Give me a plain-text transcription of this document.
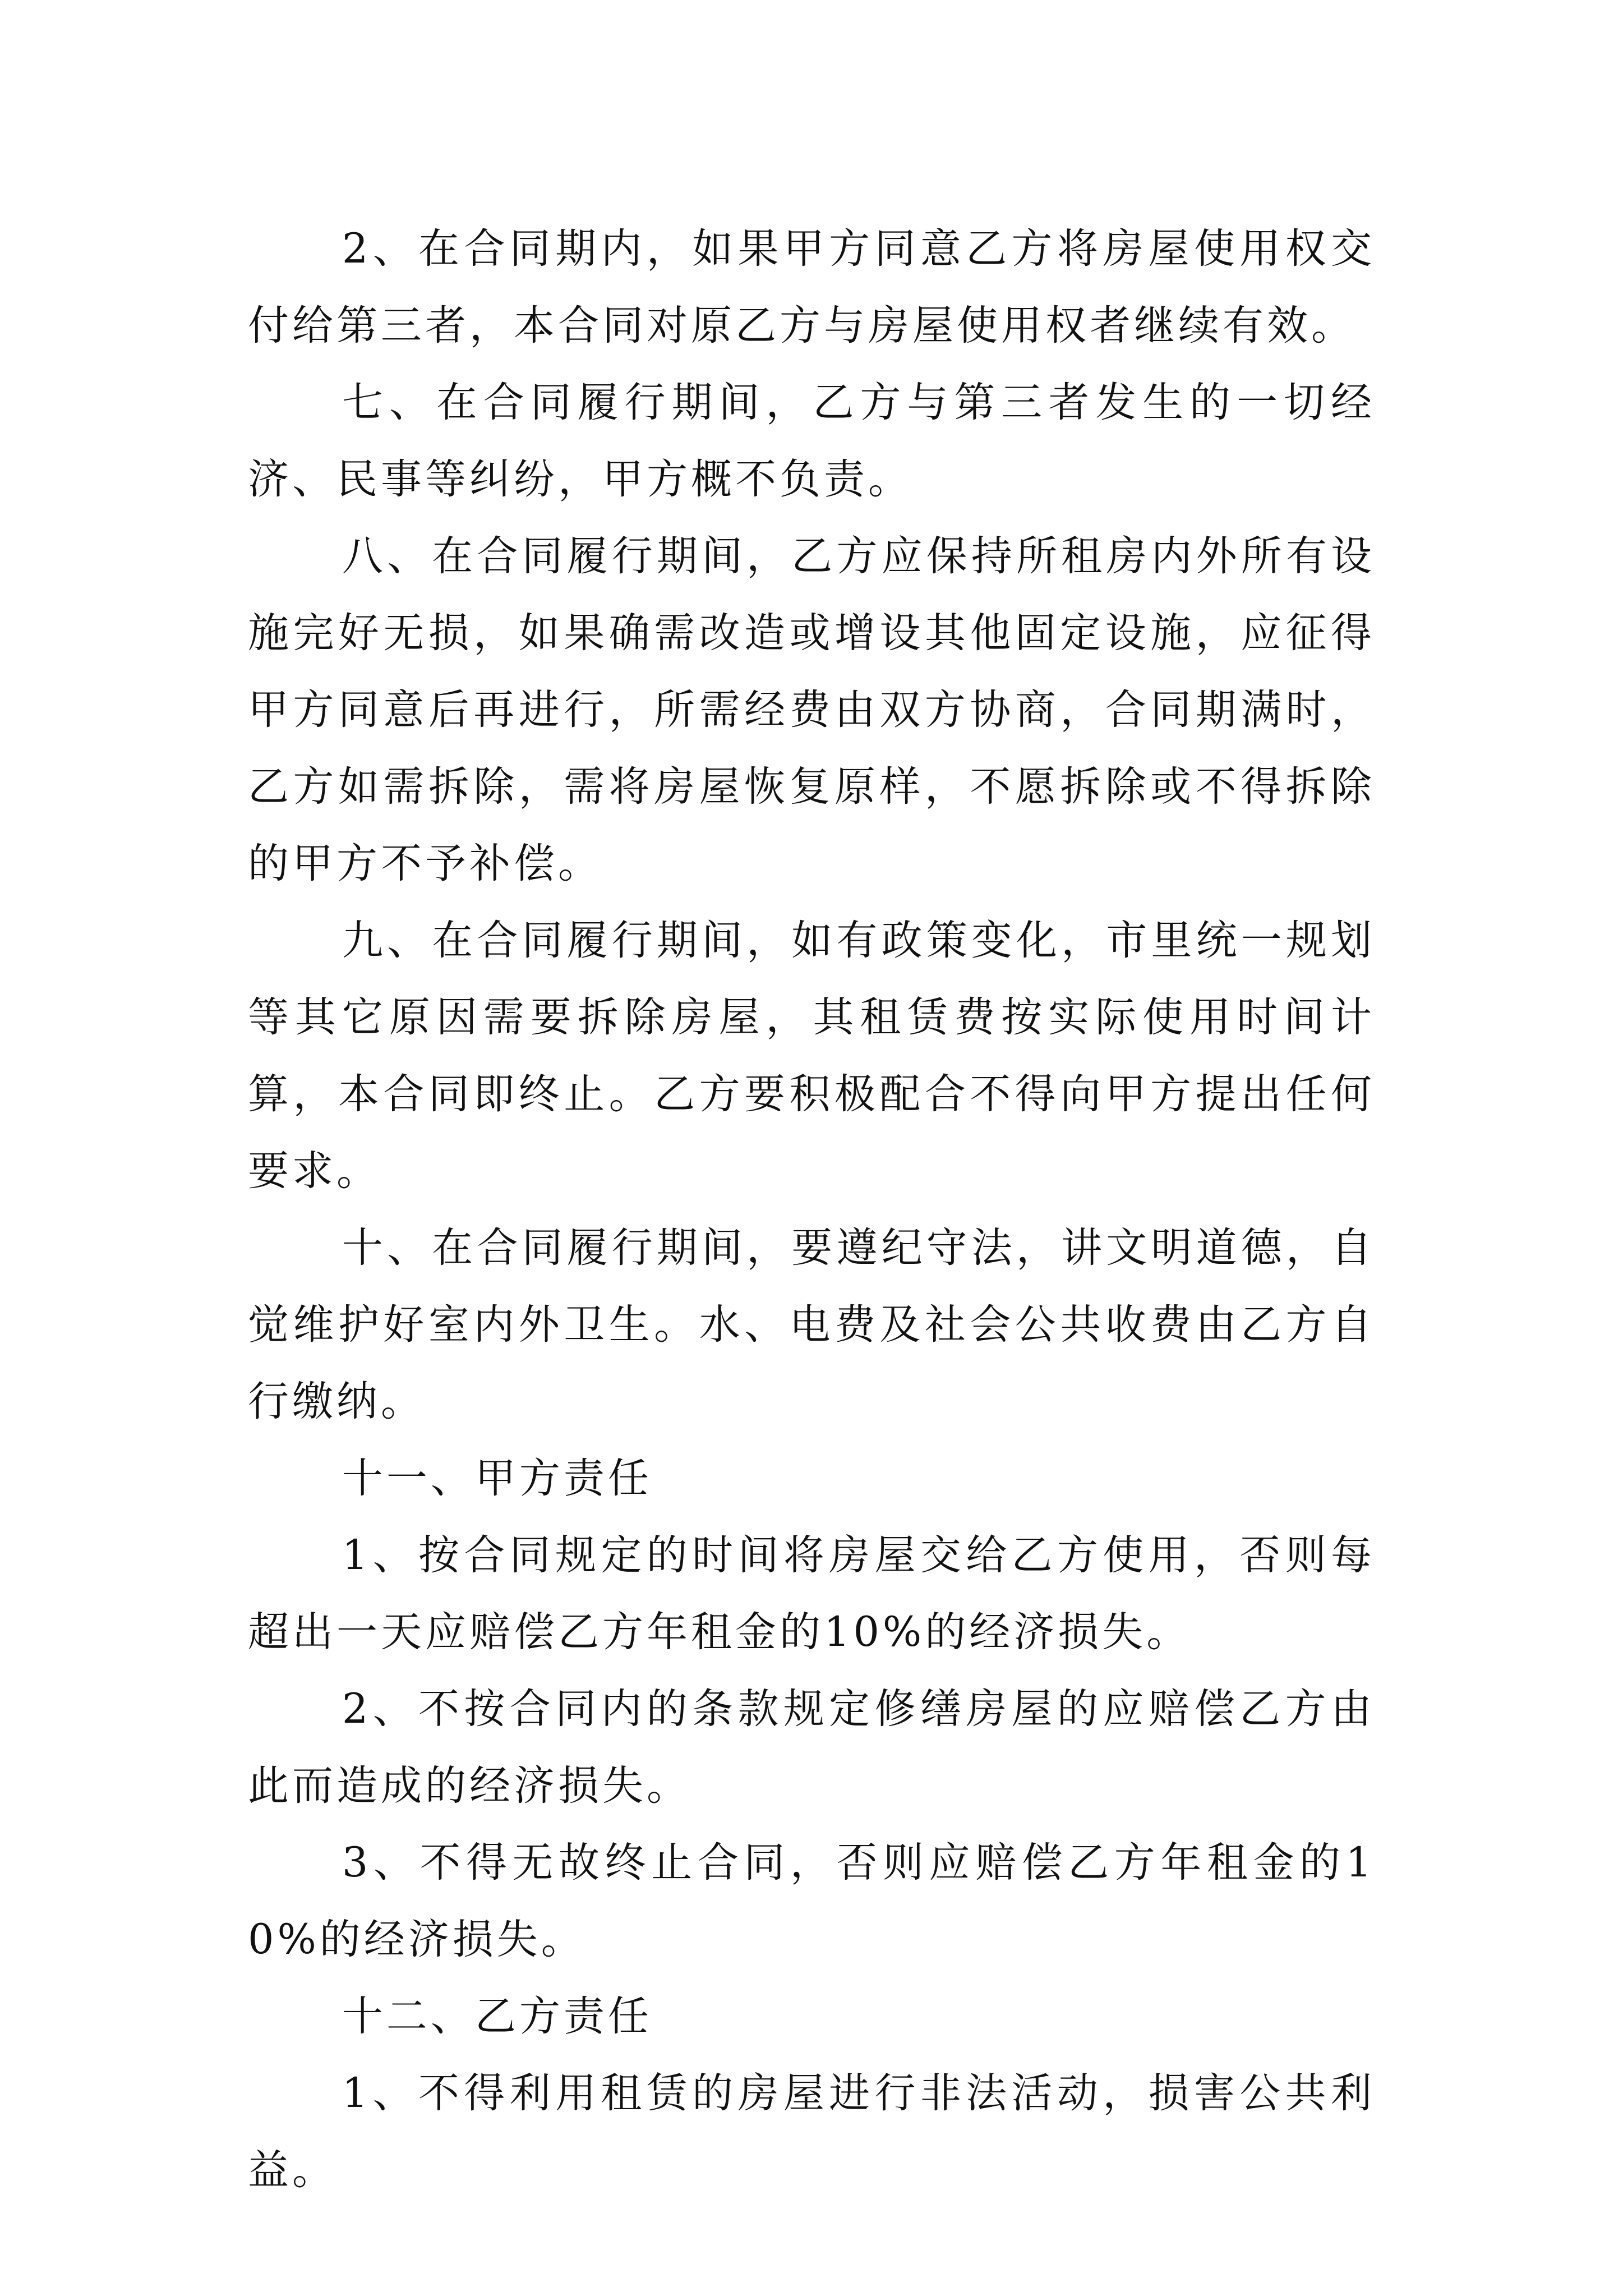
2、在合同期内，如果甲方同意乙方将房屋使用权交付给第三者，本合同对原乙方与房屋使用权者继续有效。

七、在合同履行期间，乙方与第三者发生的一切经济、民事等纠纷，甲方概不负责。

八、在合同履行期间，乙方应保持所租房内外所有设施完好无损，如果确需改造或增设其他固定设施，应征得甲方同意后再进行，所需经费由双方协商，合同期满时，乙方如需拆除，需将房屋恢复原样，不愿拆除或不得拆除的甲方不予补偿。

九、在合同履行期间，如有政策变化，市里统一规划等其它原因需要拆除房屋，其租赁费按实际使用时间计算，本合同即终止。乙方要积极配合不得向甲方提出任何要求。

十、在合同履行期间，要遵纪守法，讲文明道德，自觉维护好室内外卫生。水、电费及社会公共收费由乙方自行缴纳。

十一、甲方责任

1、按合同规定的时间将房屋交给乙方使用，否则每超出一天应赔偿乙方年租金的10%的经济损失。

2、不按合同内的条款规定修缮房屋的应赔偿乙方由此而造成的经济损失。

3、不得无故终止合同，否则应赔偿乙方年租金的10%的经济损失。

十二、乙方责任

1、不得利用租赁的房屋进行非法活动，损害公共利益。
